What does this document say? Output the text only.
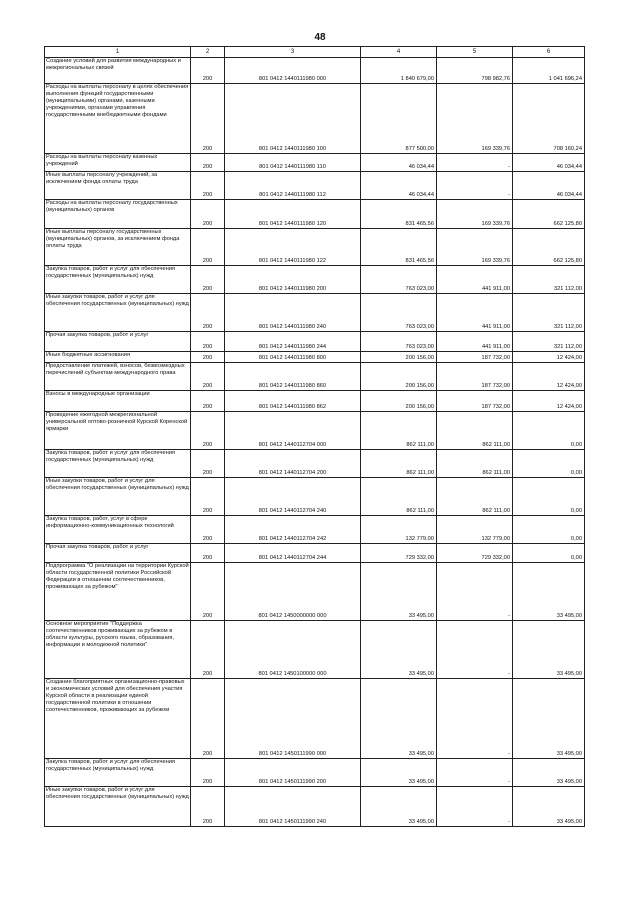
48
1	2	3	4	5	6
Создание условий для развития международных и межрегиональных связей	200	801 0412 1440111980 000	1 840 679,00	798 982,76	1 041 696,24
Расходы на выплаты персоналу в целях обеспечения выполнения функций государственными (муниципальными) органами, казенными учреждениями, органами управления государственными внебюджетными фондами	200	801 0412 1440111980 100	877 500,00	169 339,76	708 160,24
Расходы на выплаты персоналу казенных учреждений	200	801 0412 1440111980 110	46 034,44	-	46 034,44
Иные выплаты персоналу учреждений, за исключением фонда оплаты труда	200	801 0412 1440111980 112	46 034,44	-	46 034,44
Расходы на выплаты персоналу государственных (муниципальных) органов	200	801 0412 1440111980 120	831 465,56	169 339,76	662 125,80
Иные выплаты персоналу государственных (муниципальных) органов, за исключением фонда оплаты труда	200	801 0412 1440111980 122	831 465,56	169 339,76	662 125,80
Закупка товаров, работ и услуг для обеспечения государственных (муниципальных) нужд	200	801 0412 1440111980 200	763 023,00	441 911,00	321 112,00
Иные закупки товаров, работ и услуг для обеспечения государственных (муниципальных) нужд	200	801 0412 1440111980 240	763 023,00	441 911,00	321 112,00
Прочая закупка товаров, работ и услуг	200	801 0412 1440111980 244	763 023,00	441 911,00	321 112,00
Иные бюджетные ассигнования	200	801 0412 1440111980 800	200 156,00	187 732,00	12 424,00
Предоставление платежей, взносов, безвозмездных перечислений субъектам международного права	200	801 0412 1440111980 860	200 156,00	187 732,00	12 424,00
Взносы в международные организации	200	801 0412 1440111980 862	200 156,00	187 732,00	12 424,00
Проведение ежегодной межрегиональной универсальной оптово-розничной Курской Коренской ярмарки	200	801 0412 1440112704 000	862 111,00	862 111,00	0,00
Закупка товаров, работ и услуг для обеспечения государственных (муниципальных) нужд	200	801 0412 1440112704 200	862 111,00	862 111,00	0,00
Иные закупки товаров, работ и услуг для обеспечения государственных (муниципальных) нужд	200	801 0412 1440112704 240	862 111,00	862 111,00	0,00
Закупка товаров, работ, услуг в сфере информационно-коммуникационных технологий	200	801 0412 1440112704 242	132 779,00	132 779,00	0,00
Прочая закупка товаров, работ и услуг	200	801 0412 1440112704 244	729 332,00	729 332,00	0,00
Подпрограмма "О реализации на территории Курской области государственной политики Российской Федерации в отношении соотечественников, проживающих за рубежом"	200	801 0412 1450000000 000	33 495,00	-	33 495,00
Основное мероприятие "Поддержка соотечественников проживающих за рубежом в области культуры, русского языка, образования, информации и молодежной политики"	200	801 0412 1450100000 000	33 495,00	-	33 495,00
Создание благоприятных организационно-правовых и экономических условий для обеспечения участия Курской области в реализации единой государственной политики в отношении соотечественников, проживающих за рубежом	200	801 0412 1450111990 000	33 495,00	-	33 495,00
Закупка товаров, работ и услуг для обеспечения государственных (муниципальных) нужд	200	801 0412 1450111990 200	33 495,00	-	33 495,00
Иные закупки товаров, работ и услуг для обеспечения государственных (муниципальных) нужд	200	801 0412 1450111990 240	33 495,00	-	33 495,00
